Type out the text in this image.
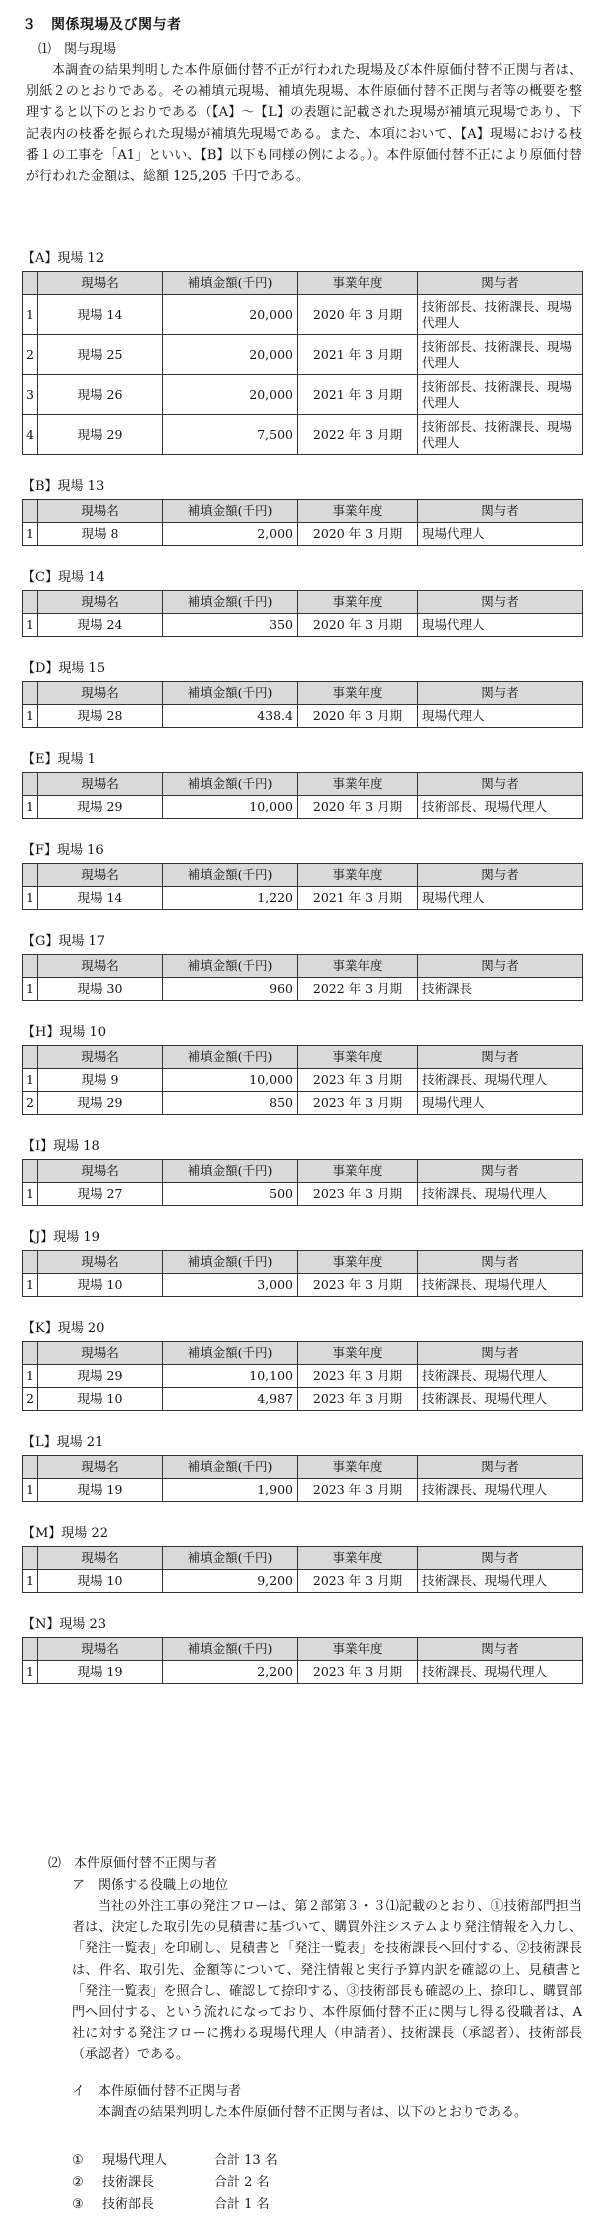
３　関係現場及び関与者
⑴　関与現場
本調査の結果判明した本件原価付替不正が行われた現場及び本件原価付替不正関与者は、別紙２のとおりである。その補填元現場、補填先現場、本件原価付替不正関与者等の概要を整理すると以下のとおりである（【A】～【L】の表題に記載された現場が補填元現場であり、下記表内の枝番を振られた現場が補填先現場である。また、本項において、【A】現場における枝番１の工事を「A1」といい、【B】以下も同様の例による。）。本件原価付替不正により原価付替が行われた金額は、総額 125,205 千円である。
【A】現場 12
	現場名	補填金額(千円)	事業年度	関与者
1	現場 14	20,000	2020 年 3 月期	技術部長、技術課長、現場代理人
2	現場 25	20,000	2021 年 3 月期	技術部長、技術課長、現場代理人
3	現場 26	20,000	2021 年 3 月期	技術部長、技術課長、現場代理人
4	現場 29	7,500	2022 年 3 月期	技術部長、技術課長、現場代理人
【B】現場 13
	現場名	補填金額(千円)	事業年度	関与者
1	現場 8	2,000	2020 年 3 月期	現場代理人
【C】現場 14
	現場名	補填金額(千円)	事業年度	関与者
1	現場 24	350	2020 年 3 月期	現場代理人
【D】現場 15
	現場名	補填金額(千円)	事業年度	関与者
1	現場 28	438.4	2020 年 3 月期	現場代理人
【E】現場 1
	現場名	補填金額(千円)	事業年度	関与者
1	現場 29	10,000	2020 年 3 月期	技術部長、現場代理人
【F】現場 16
	現場名	補填金額(千円)	事業年度	関与者
1	現場 14	1,220	2021 年 3 月期	現場代理人
【G】現場 17
	現場名	補填金額(千円)	事業年度	関与者
1	現場 30	960	2022 年 3 月期	技術課長
【H】現場 10
	現場名	補填金額(千円)	事業年度	関与者
1	現場 9	10,000	2023 年 3 月期	技術課長、現場代理人
2	現場 29	850	2023 年 3 月期	現場代理人
【I】現場 18
	現場名	補填金額(千円)	事業年度	関与者
1	現場 27	500	2023 年 3 月期	技術課長、現場代理人
【J】現場 19
	現場名	補填金額(千円)	事業年度	関与者
1	現場 10	3,000	2023 年 3 月期	技術課長、現場代理人
【K】現場 20
	現場名	補填金額(千円)	事業年度	関与者
1	現場 29	10,100	2023 年 3 月期	技術課長、現場代理人
2	現場 10	4,987	2023 年 3 月期	技術課長、現場代理人
【L】現場 21
	現場名	補填金額(千円)	事業年度	関与者
1	現場 19	1,900	2023 年 3 月期	技術課長、現場代理人
【M】現場 22
	現場名	補填金額(千円)	事業年度	関与者
1	現場 10	9,200	2023 年 3 月期	技術課長、現場代理人
【N】現場 23
	現場名	補填金額(千円)	事業年度	関与者
1	現場 19	2,200	2023 年 3 月期	技術課長、現場代理人
⑵　本件原価付替不正関与者
ア　関係する役職上の地位
当社の外注工事の発注フローは、第２部第３・３⑴記載のとおり、①技術部門担当者は、決定した取引先の見積書に基づいて、購買外注システムより発注情報を入力し、「発注一覧表」を印刷し、見積書と「発注一覧表」を技術課長へ回付する、②技術課長は、件名、取引先、金額等について、発注情報と実行予算内訳を確認の上、見積書と「発注一覧表」を照合し、確認して捺印する、③技術部長も確認の上、捺印し、購買部門へ回付する、という流れになっており、本件原価付替不正に関与し得る役職者は、A 社に対する発注フローに携わる現場代理人（申請者）、技術課長（承認者）、技術部長（承認者）である。
イ　本件原価付替不正関与者
本調査の結果判明した本件原価付替不正関与者は、以下のとおりである。
① 現場代理人	合計 13 名
② 技術課長	合計 2 名
③ 技術部長	合計 1 名
